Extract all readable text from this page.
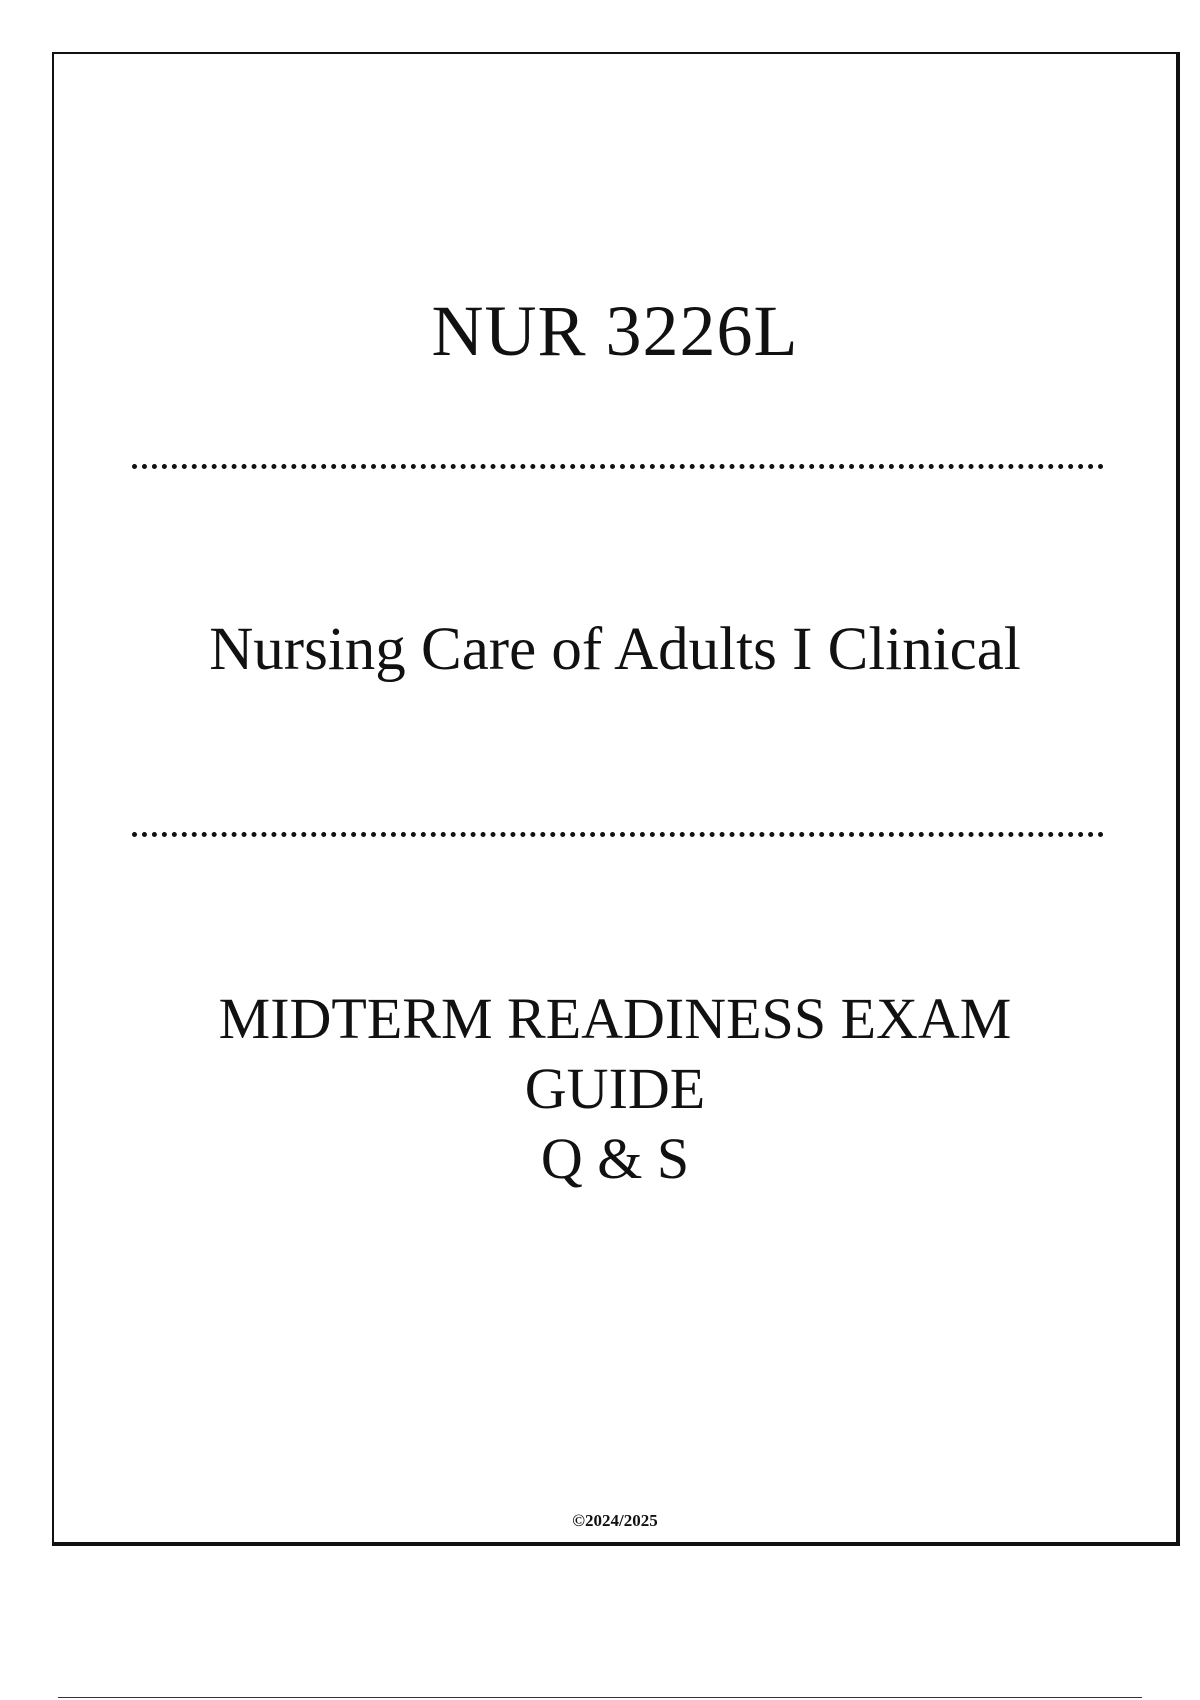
NUR 3226L
Nursing Care of Adults I Clinical
MIDTERM READINESS EXAM
GUIDE
Q & S
©2024/2025
